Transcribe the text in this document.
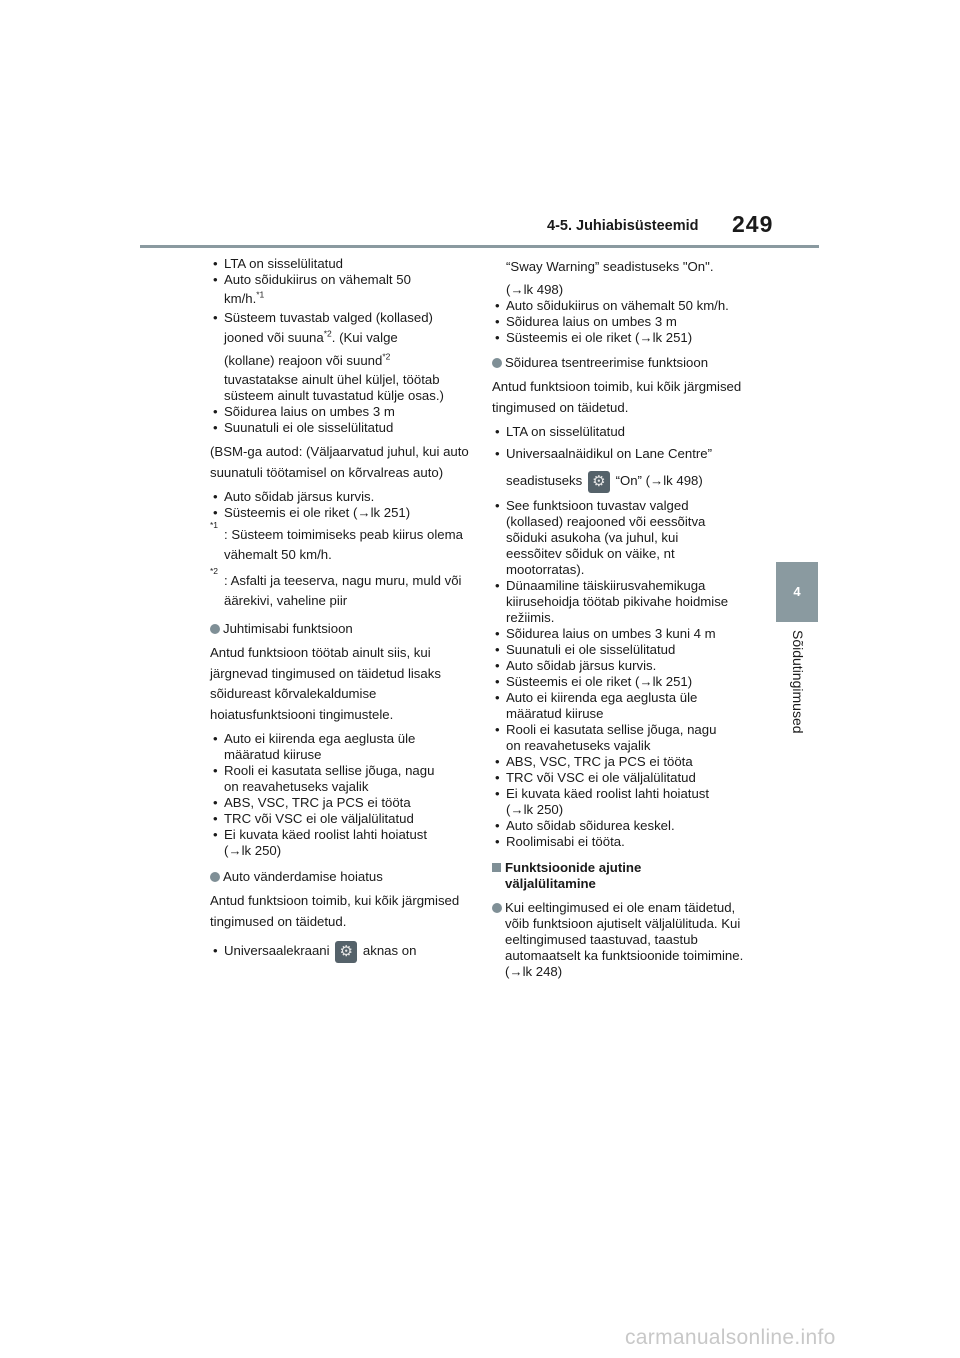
4-5. Juhiabisüsteemid 249
4
Sõidutingimused
• LTA on sisselülitatud
• Auto sõidukiirus on vähemalt 50
km/h.$^{*1}$
• Süsteem tuvastab valged (kollased)
jooned või suuna$^{*2}$. (Kui valge
(kollane) reajoon või suund$^{*2}$
tuvastatakse ainult ühel küljel, töötab
süsteem ainult tuvastatud külje osas.)
• Sõidurea laius on umbes 3 m
• Suunatuli ei ole sisselülitatud
(BSM-ga autod: (Väljaarvatud juhul, kui auto suunatuli töötamisel on kõrvalreas auto)
• Auto sõidab järsus kurvis.
• Süsteemis ei ole riket (→lk 251)
*1
: Süsteem toimimiseks peab kiirus olema vähemalt 50 km/h.
*2
: Asfalti ja teeserva, nagu muru, muld või äärekivi, vaheline piir
Juhtimisabi funktsioon
Antud funktsioon töötab ainult siis, kui järgnevad tingimused on täidetud lisaks sõidureast kõrvalekaldumise hoiatusfunktsiooni tingimustele.
• Auto ei kiirenda ega aeglusta üle
määratud kiiruse
• Rooli ei kasutata sellise jõuga, nagu
on reavahetuseks vajalik
• ABS, VSC, TRC ja PCS ei tööta
• TRC või VSC ei ole väljalülitatud
• Ei kuvata käed roolist lahti hoiatust
(→lk 250)
Auto vänderdamise hoiatus
Antud funktsioon toimib, kui kõik järgmised tingimused on täidetud.
• Universaalekraani ⚙ aknas on
“Sway Warning” seadistuseks "On".
(→lk 498)
• Auto sõidukiirus on vähemalt 50 km/h.
• Sõidurea laius on umbes 3 m
• Süsteemis ei ole riket (→lk 251)
Sõidurea tsentreerimise funktsioon
Antud funktsioon toimib, kui kõik järgmised tingimused on täidetud.
• LTA on sisselülitatud
• Universaalnäidikul on Lane Centre”
seadistuseks ⚙ “On” (→lk 498)
• See funktsioon tuvastav valged
(kollased) reajooned või eessõitva
sõiduki asukoha (va juhul, kui
eessõitev sõiduk on väike, nt
mootorratas).
• Dünaamiline täiskiirusvahemikuga
kiirusehoidja töötab pikivahe hoidmise
režiimis.
• Sõidurea laius on umbes 3 kuni 4 m
• Suunatuli ei ole sisselülitatud
• Auto sõidab järsus kurvis.
• Süsteemis ei ole riket (→lk 251)
• Auto ei kiirenda ega aeglusta üle
määratud kiiruse
• Rooli ei kasutata sellise jõuga, nagu
on reavahetuseks vajalik
• ABS, VSC, TRC ja PCS ei tööta
• TRC või VSC ei ole väljalülitatud
• Ei kuvata käed roolist lahti hoiatust
(→lk 250)
• Auto sõidab sõidurea keskel.
• Roolimisabi ei tööta.
Funktsioonide ajutine
väljalülitamine
Kui eeltingimused ei ole enam täidetud, võib funktsioon ajutiselt väljalülituda. Kui eeltingimused taastuvad, taastub automaatselt ka funktsioonide toimimine. (→lk 248)
carmanualsonline.info
